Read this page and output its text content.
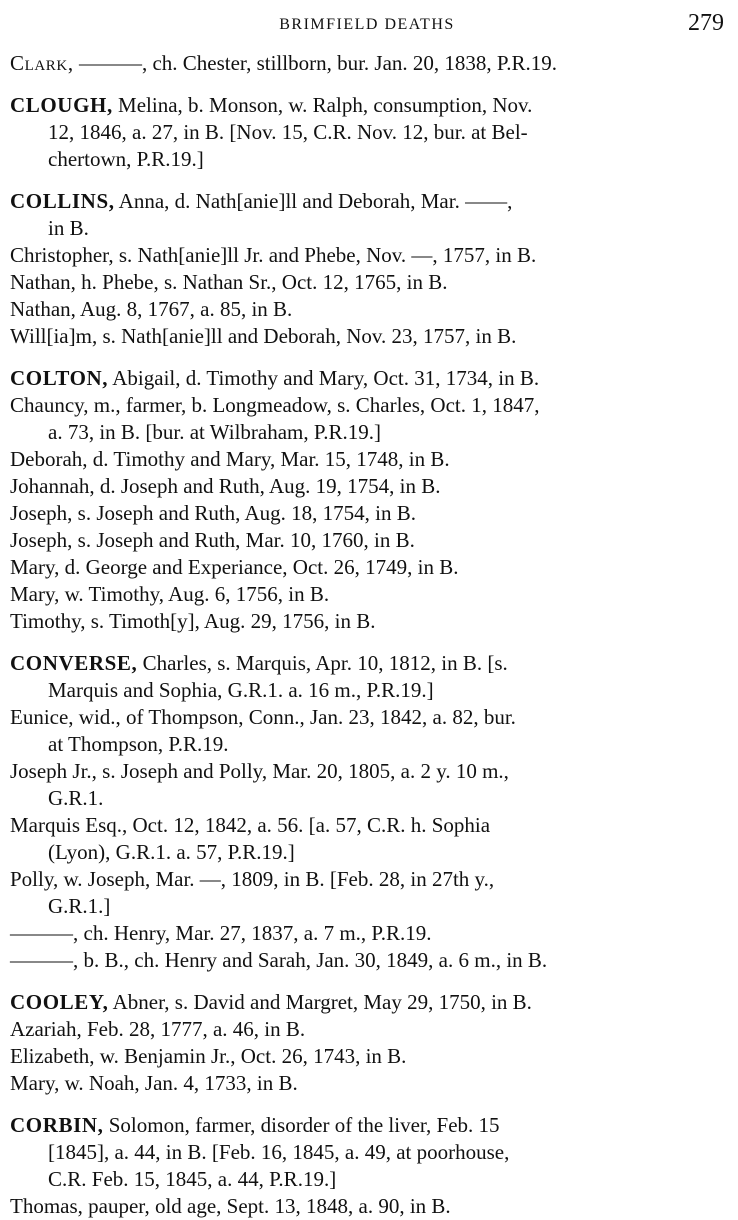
BRIMFIELD DEATHS	279
Clark, ———, ch. Chester, stillborn, bur. Jan. 20, 1838, P.R.19.
CLOUGH, Melina, b. Monson, w. Ralph, consumption, Nov.
12, 1846, a. 27, in B. [Nov. 15, C.R. Nov. 12, bur. at Bel-
chertown, P.R.19.]
COLLINS, Anna, d. Nath[anie]ll and Deborah, Mar. ——,
in B.
Christopher, s. Nath[anie]ll Jr. and Phebe, Nov. —, 1757, in B.
Nathan, h. Phebe, s. Nathan Sr., Oct. 12, 1765, in B.
Nathan, Aug. 8, 1767, a. 85, in B.
Will[ia]m, s. Nath[anie]ll and Deborah, Nov. 23, 1757, in B.
COLTON, Abigail, d. Timothy and Mary, Oct. 31, 1734, in B.
Chauncy, m., farmer, b. Longmeadow, s. Charles, Oct. 1, 1847,
a. 73, in B. [bur. at Wilbraham, P.R.19.]
Deborah, d. Timothy and Mary, Mar. 15, 1748, in B.
Johannah, d. Joseph and Ruth, Aug. 19, 1754, in B.
Joseph, s. Joseph and Ruth, Aug. 18, 1754, in B.
Joseph, s. Joseph and Ruth, Mar. 10, 1760, in B.
Mary, d. George and Experiance, Oct. 26, 1749, in B.
Mary, w. Timothy, Aug. 6, 1756, in B.
Timothy, s. Timoth[y], Aug. 29, 1756, in B.
CONVERSE, Charles, s. Marquis, Apr. 10, 1812, in B. [s.
Marquis and Sophia, G.R.1. a. 16 m., P.R.19.]
Eunice, wid., of Thompson, Conn., Jan. 23, 1842, a. 82, bur.
at Thompson, P.R.19.
Joseph Jr., s. Joseph and Polly, Mar. 20, 1805, a. 2 y. 10 m.,
G.R.1.
Marquis Esq., Oct. 12, 1842, a. 56. [a. 57, C.R. h. Sophia
(Lyon), G.R.1. a. 57, P.R.19.]
Polly, w. Joseph, Mar. —, 1809, in B. [Feb. 28, in 27th y.,
G.R.1.]
———, ch. Henry, Mar. 27, 1837, a. 7 m., P.R.19.
———, b. B., ch. Henry and Sarah, Jan. 30, 1849, a. 6 m., in B.
COOLEY, Abner, s. David and Margret, May 29, 1750, in B.
Azariah, Feb. 28, 1777, a. 46, in B.
Elizabeth, w. Benjamin Jr., Oct. 26, 1743, in B.
Mary, w. Noah, Jan. 4, 1733, in B.
CORBIN, Solomon, farmer, disorder of the liver, Feb. 15
[1845], a. 44, in B. [Feb. 16, 1845, a. 49, at poorhouse,
C.R. Feb. 15, 1845, a. 44, P.R.19.]
Thomas, pauper, old age, Sept. 13, 1848, a. 90, in B.
